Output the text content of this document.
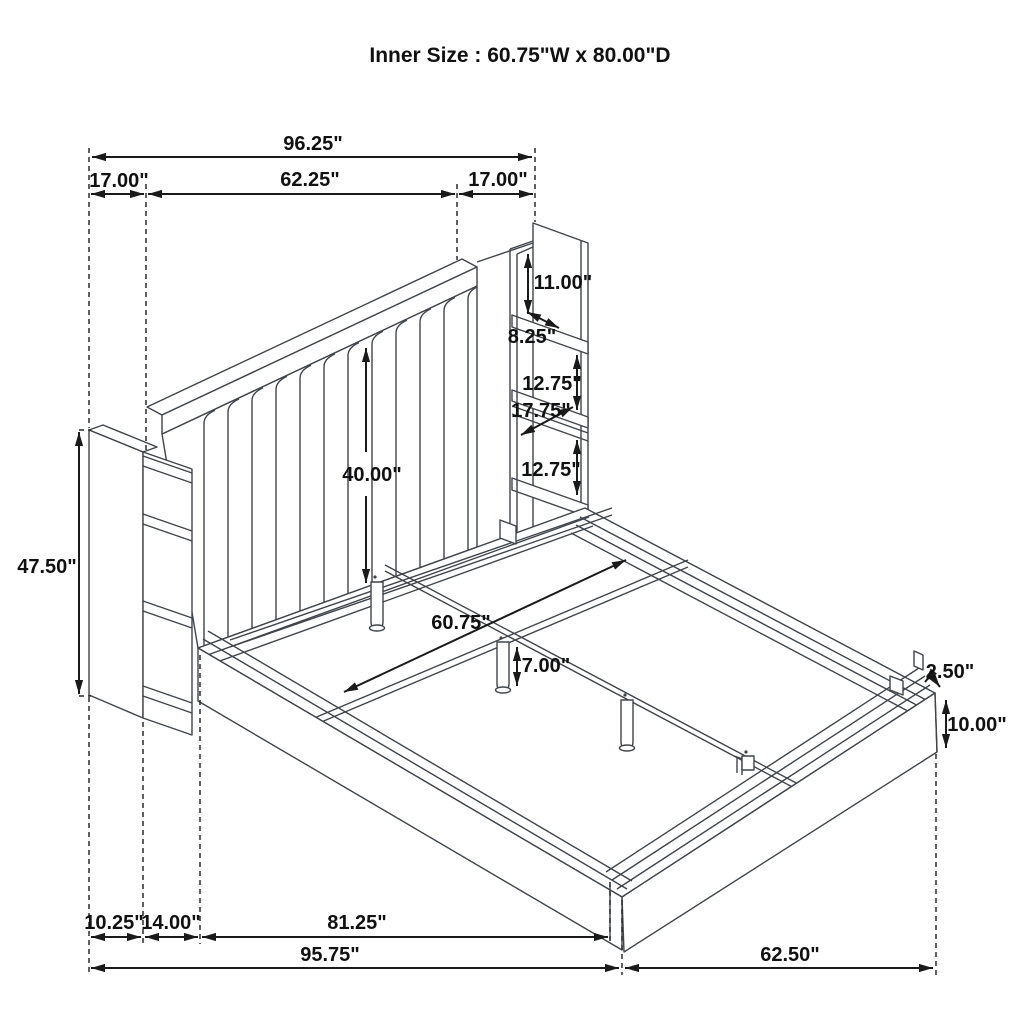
Inner Size : 60.75"W x 80.00"D
96.25"
17.00"	62.25"	17.00"
11.00"
8.25"
12.75"
17.75"
12.75"
40.00"
60.75"
7.00"
47.50"
2.50"
10.00"
10.25"
14.00"	81.25"
95.75"	62.50"
